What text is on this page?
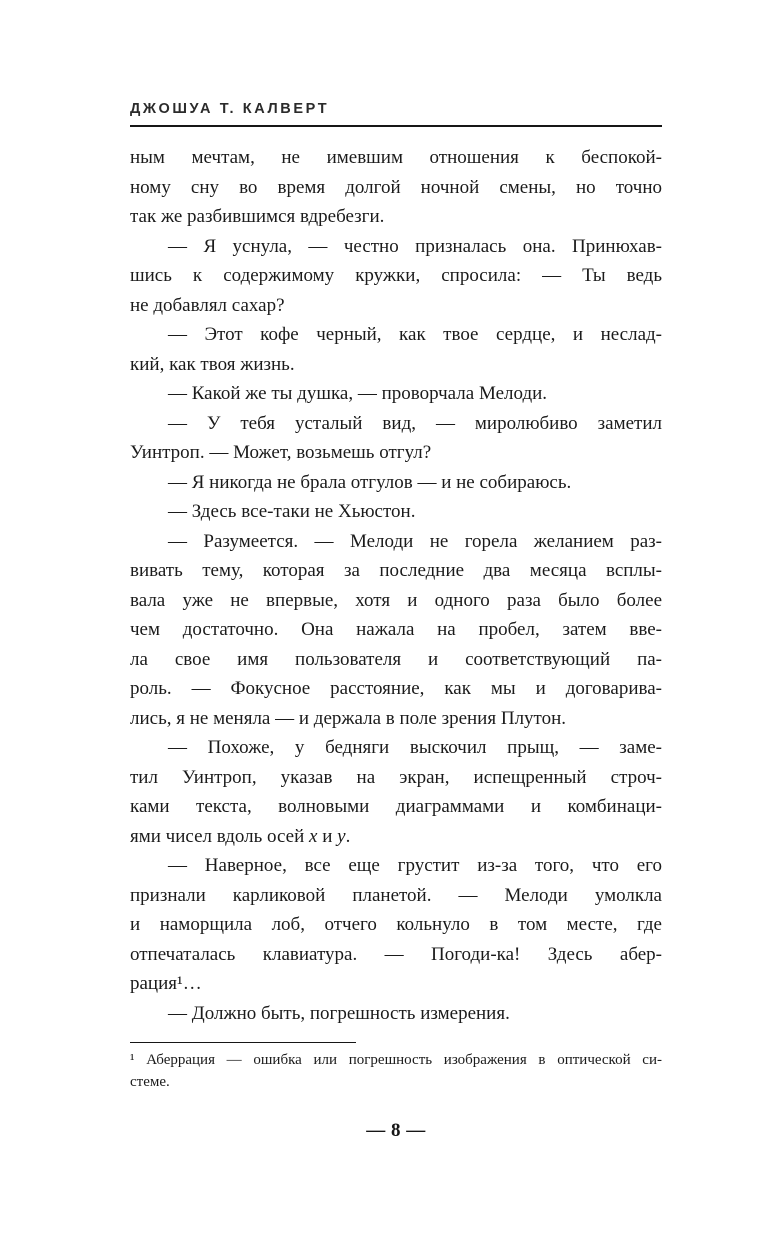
ДЖОШУА Т. КАЛВЕРТ
ным мечтам, не имевшим отношения к беспокой-
ному сну во время долгой ночной смены, но точно
так же разбившимся вдребезги.
— Я уснула, — честно призналась она. Принюхав-
шись к содержимому кружки, спросила: — Ты ведь
не добавлял сахар?
— Этот кофе черный, как твое сердце, и неслад-
кий, как твоя жизнь.
— Какой же ты душка, — проворчала Мелоди.
— У тебя усталый вид, — миролюбиво заметил
Уинтроп. — Может, возьмешь отгул?
— Я никогда не брала отгулов — и не собираюсь.
— Здесь все-таки не Хьюстон.
— Разумеется. — Мелоди не горела желанием раз-
вивать тему, которая за последние два месяца всплы-
вала уже не впервые, хотя и одного раза было более
чем достаточно. Она нажала на пробел, затем вве-
ла свое имя пользователя и соответствующий па-
роль. — Фокусное расстояние, как мы и договарива-
лись, я не меняла — и держала в поле зрения Плутон.
— Похоже, у бедняги выскочил прыщ, — заме-
тил Уинтроп, указав на экран, испещренный строч-
ками текста, волновыми диаграммами и комбинаци-
ями чисел вдоль осей x и y.
— Наверное, все еще грустит из-за того, что его
признали карликовой планетой. — Мелоди умолкла
и наморщила лоб, отчего кольнуло в том месте, где
отпечаталась клавиатура. — Погоди-ка! Здесь абер-
рация¹…
— Должно быть, погрешность измерения.
¹ Аберрация — ошибка или погрешность изображения в оптической си-
стеме.
— 8 —
